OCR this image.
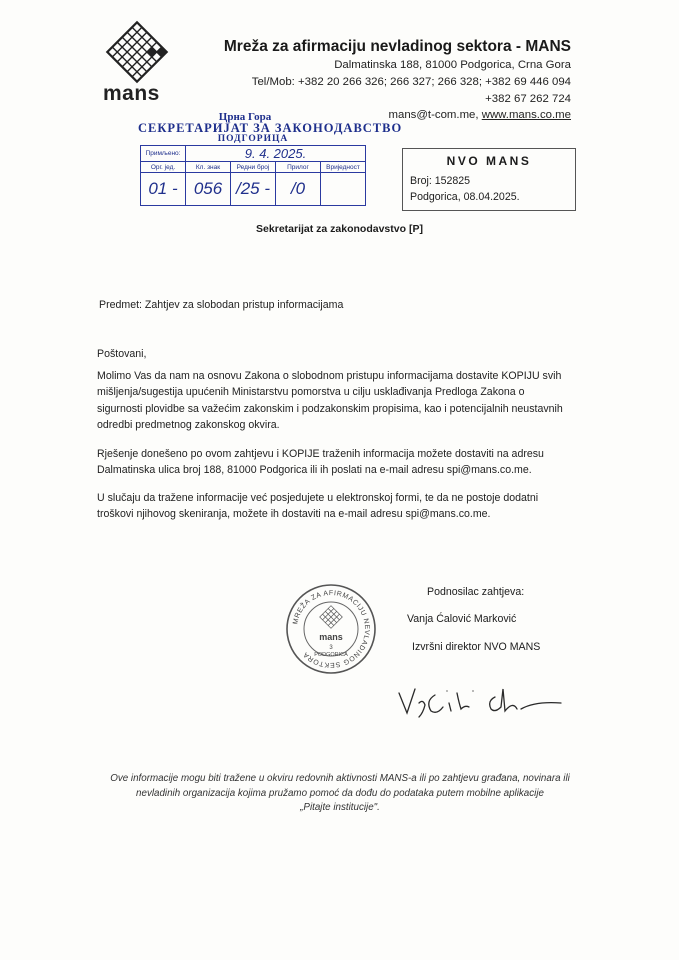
mans
Mreža za afirmaciju nevladinog sektora - MANS
Dalmatinska 188, 81000 Podgorica, Crna Gora
Tel/Mob: +382 20 266 326; 266 327; 266 328; +382 69 446 094
+382 67 262 724
mans@t-com.me, www.mans.co.me
Црна Гора
СЕКРЕТАРИЈАТ ЗА ЗАКОНОДАВСТВО
ПОДГОРИЦА
Примљено:	9. 4. 2025.			
Орг. јед.	Кл. знак	Редни број	Прилог	Вриједност
01 -	056	/25 -	/0	
NVO MANS
Broj: 152825
Podgorica, 08.04.2025.
Sekretarijat za zakonodavstvo [P]
Predmet: Zahtjev za slobodan pristup informacijama
Poštovani,
Molimo Vas da nam na osnovu Zakona o slobodnom pristupu informacijama dostavite KOPIJU svih
mišljenja/sugestija upućenih Ministarstvu pomorstva u cilju usklađivanja Predloga Zakona o
sigurnosti plovidbe sa važećim zakonskim i podzakonskim propisima, kao i potencijalnih neustavnih
odredbi predmetnog zakonskog okvira.
Rješenje donešeno po ovom zahtjevu i KOPIJE traženih informacija možete dostaviti na adresu
Dalmatinska ulica broj 188, 81000 Podgorica ili ih poslati na e-mail adresu spi@mans.co.me.
U slučaju da tražene informacije već posjedujete u elektronskoj formi, te da ne postoje dodatni
troškovi njihovog skeniranja, možete ih dostaviti na e-mail adresu spi@mans.co.me.
Podnosilac zahtjeva:
Vanja Ćalović Marković
Izvršni direktor NVO MANS
MREŽA ZA AFIRMACIJU NEVLADINOG SEKTORA
mans
3
PODGORICA
Ove informacije mogu biti tražene u okviru redovnih aktivnosti MANS-a ili po zahtjevu građana, novinara ili
nevladinih organizacija kojima pružamo pomoć da dođu do podataka putem mobilne aplikacije
„Pitajte institucije".
